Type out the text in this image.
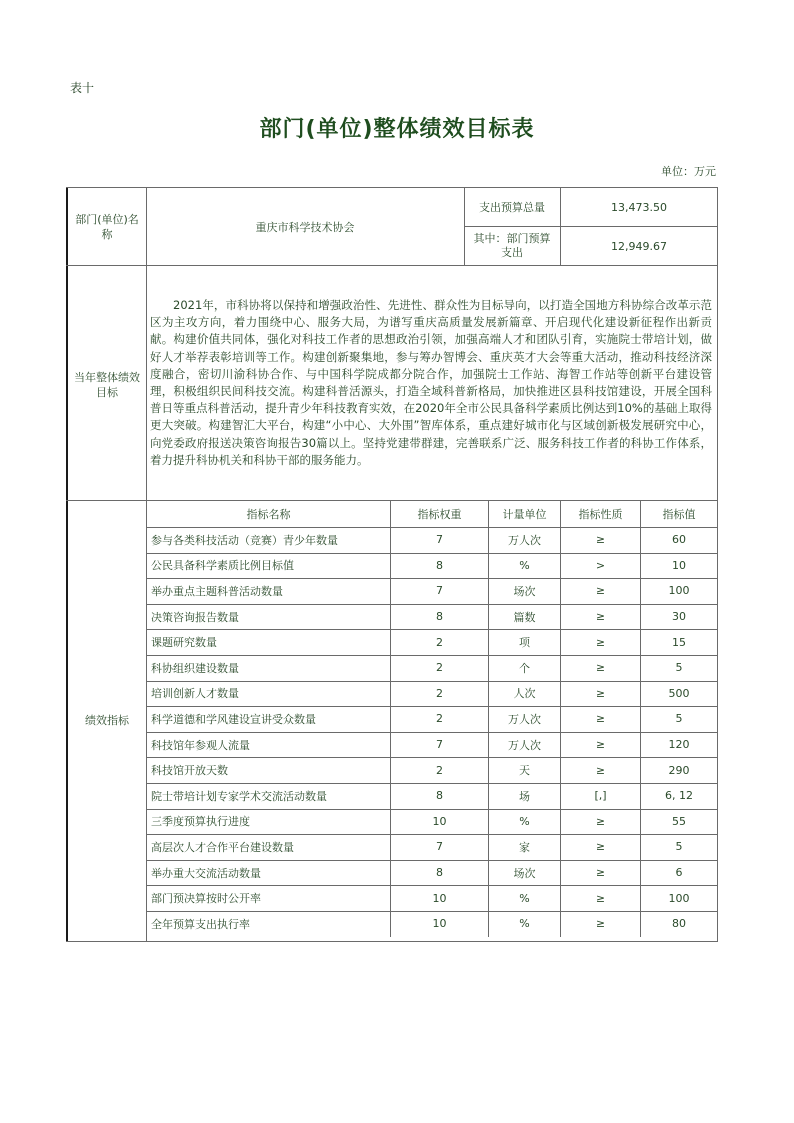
表十
部门(单位)整体绩效目标表
单位：万元
部门(单位)名称
重庆市科学技术协会
支出预算总量	13,473.50
其中：部门预算支出	12,949.67
当年整体绩效目标
2021年，市科协将以保持和增强政治性、先进性、群众性为目标导向，以打造全国地方科协综合改革示范区为主攻方向，着力围绕中心、服务大局，为谱写重庆高质量发展新篇章、开启现代化建设新征程作出新贡献。构建价值共同体，强化对科技工作者的思想政治引领，加强高端人才和团队引育，实施院士带培计划，做好人才举荐表彰培训等工作。构建创新聚集地，参与筹办智博会、重庆英才大会等重大活动，推动科技经济深度融合，密切川渝科协合作、与中国科学院成都分院合作，加强院士工作站、海智工作站等创新平台建设管理，积极组织民间科技交流。构建科普活源头，打造全域科普新格局，加快推进区县科技馆建设，开展全国科普日等重点科普活动，提升青少年科技教育实效，在2020年全市公民具备科学素质比例达到10%的基础上取得更大突破。构建智汇大平台，构建“小中心、大外围”智库体系，重点建好城市化与区域创新极发展研究中心，向党委政府报送决策咨询报告30篇以上。坚持党建带群建，完善联系广泛、服务科技工作者的科协工作体系，着力提升科协机关和科协干部的服务能力。
绩效指标
指标名称	指标权重	计量单位	指标性质	指标值
参与各类科技活动（竞赛）青少年数量	7	万人次	≥	60
公民具备科学素质比例目标值	8	%	>	10
举办重点主题科普活动数量	7	场次	≥	100
决策咨询报告数量	8	篇数	≥	30
课题研究数量	2	项	≥	15
科协组织建设数量	2	个	≥	5
培训创新人才数量	2	人次	≥	500
科学道德和学风建设宣讲受众数量	2	万人次	≥	5
科技馆年参观人流量	7	万人次	≥	120
科技馆开放天数	2	天	≥	290
院士带培计划专家学术交流活动数量	8	场	[,]	6, 12
三季度预算执行进度	10	%	≥	55
高层次人才合作平台建设数量	7	家	≥	5
举办重大交流活动数量	8	场次	≥	6
部门预决算按时公开率	10	%	≥	100
全年预算支出执行率	10	%	≥	80
